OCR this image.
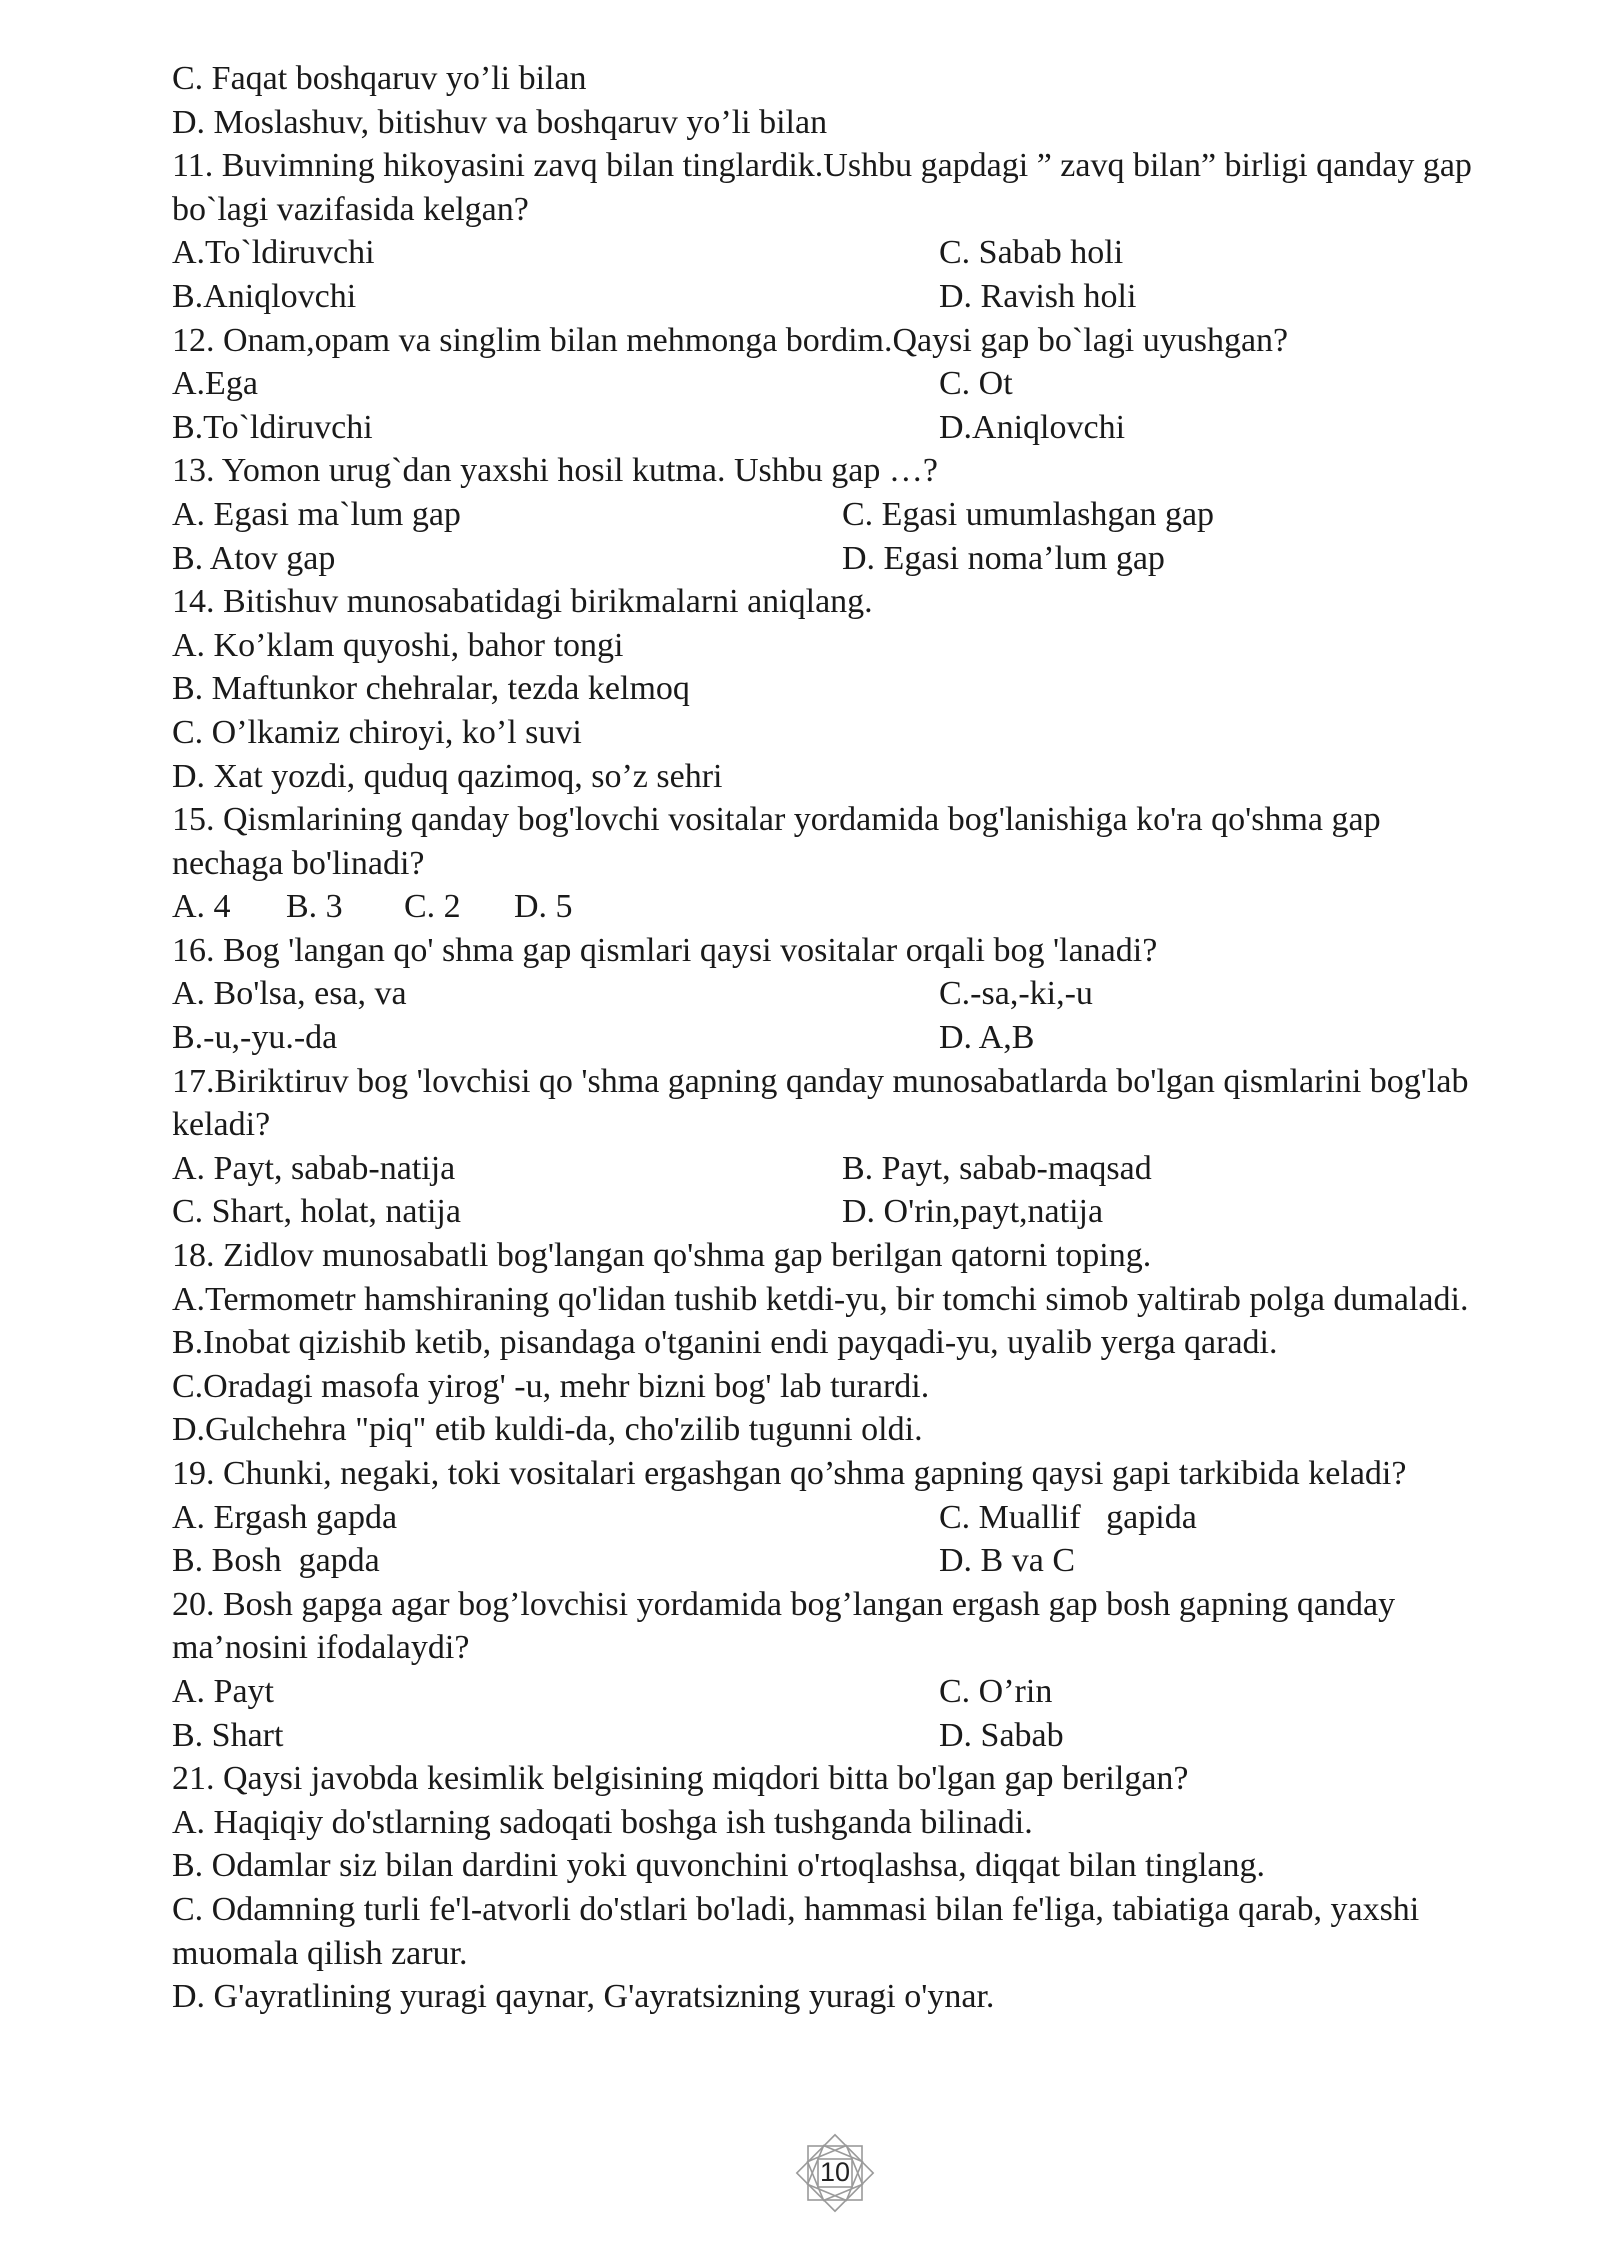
C. Faqat boshqaruv yo’li bilan
D. Moslashuv, bitishuv va boshqaruv yo’li bilan
11. Buvimning hikoyasini zavq bilan tinglardik.Ushbu gapdagi ” zavq bilan” birligi qanday gap bo`lagi vazifasida kelgan?
A.To`ldiruvchi	C. Sabab holi
B.Aniqlovchi	D. Ravish holi
12. Onam,opam va singlim bilan mehmonga bordim.Qaysi gap bo`lagi uyushgan?
A.Ega	C. Ot
B.To`ldiruvchi	D.Aniqlovchi
13. Yomon urug`dan yaxshi hosil kutma. Ushbu gap …?
A. Egasi ma`lum gap	C. Egasi umumlashgan gap
B. Atov gap	D. Egasi noma’lum gap
14. Bitishuv munosabatidagi birikmalarni aniqlang.
A. Ko’klam quyoshi, bahor tongi
B. Maftunkor chehralar, tezda kelmoq
C. O’lkamiz chiroyi, ko’l suvi
D. Xat yozdi, quduq qazimoq, so’z sehri
15. Qismlarining qanday bog'lovchi vositalar yordamida bog'lanishiga ko'ra qo'shma gap nechaga bo'linadi?
A. 4 B. 3 C. 2 D. 5
16. Bog 'langan qo' shma gap qismlari qaysi vositalar orqali bog 'lanadi?
A. Bo'lsa, esa, va	C.-sa,-ki,-u
B.-u,-yu.-da	D. A,B
17.Biriktiruv bog 'lovchisi qo 'shma gapning qanday munosabatlarda bo'lgan qismlarini bog'lab keladi?
A. Payt, sabab-natija	B. Payt, sabab-maqsad
C. Shart, holat, natija	D. O'rin,payt,natija
18. Zidlov munosabatli bog'langan qo'shma gap berilgan qatorni toping.
A.Termometr hamshiraning qo'lidan tushib ketdi-yu, bir tomchi simob yaltirab polga dumaladi.
B.Inobat qizishib ketib, pisandaga o'tganini endi payqadi-yu, uyalib yerga qaradi.
C.Oradagi masofa yirog' -u, mehr bizni bog' lab turardi.
D.Gulchehra "piq" etib kuldi-da, cho'zilib tugunni oldi.
19. Chunki, negaki, toki vositalari ergashgan qo’shma gapning qaysi gapi tarkibida keladi?
A. Ergash gapda	C. Muallif   gapida
B. Bosh  gapda	D. B va C
20. Bosh gapga agar bog’lovchisi yordamida bog’langan ergash gap bosh gapning qanday ma’nosini ifodalaydi?
A. Payt	C. O’rin
B. Shart	D. Sabab
21. Qaysi javobda kesimlik belgisining miqdori bitta bo'lgan gap berilgan?
A. Haqiqiy do'stlarning sadoqati boshga ish tushganda bilinadi.
B. Odamlar siz bilan dardini yoki quvonchini o'rtoqlashsa, diqqat bilan tinglang.
C. Odamning turli fe'l-atvorli do'stlari bo'ladi, hammasi bilan fe'liga, tabiatiga qarab, yaxshi muomala qilish zarur.
D. G'ayratlining yuragi qaynar, G'ayratsizning yuragi o'ynar.
10
